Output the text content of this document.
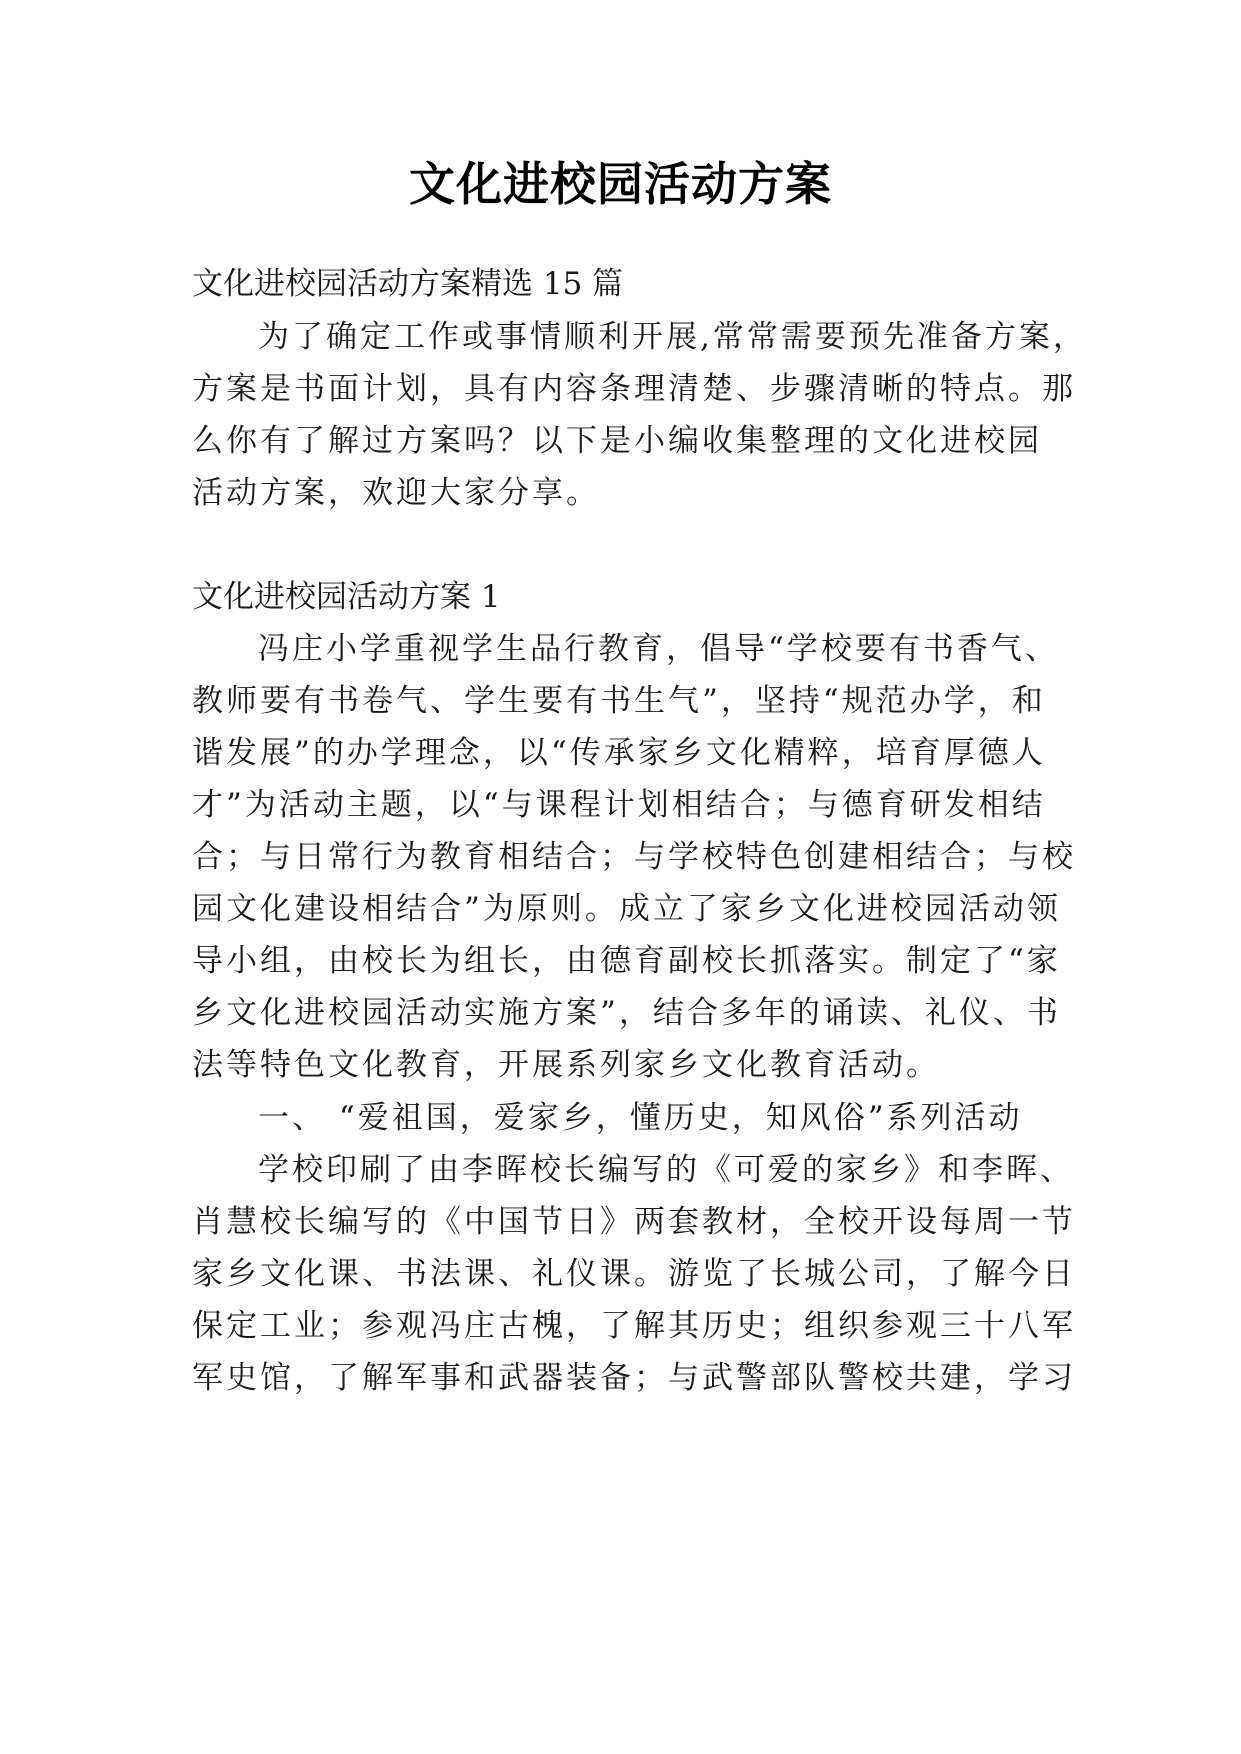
文化进校园活动方案
文化进校园活动方案精选 15 篇
为了确定工作或事情顺利开展,常常需要预先准备方案，
方案是书面计划，具有内容条理清楚、步骤清晰的特点。那
么你有了解过方案吗？以下是小编收集整理的文化进校园
活动方案，欢迎大家分享。
文化进校园活动方案 1
冯庄小学重视学生品行教育，倡导“学校要有书香气、
教师要有书卷气、学生要有书生气”，坚持“规范办学，和
谐发展”的办学理念，以“传承家乡文化精粹，培育厚德人
才”为活动主题，以“与课程计划相结合；与德育研发相结
合；与日常行为教育相结合；与学校特色创建相结合；与校
园文化建设相结合”为原则。成立了家乡文化进校园活动领
导小组，由校长为组长，由德育副校长抓落实。制定了“家
乡文化进校园活动实施方案”，结合多年的诵读、礼仪、书
法等特色文化教育，开展系列家乡文化教育活动。
一、 “爱祖国，爱家乡，懂历史，知风俗”系列活动
学校印刷了由李晖校长编写的《可爱的家乡》和李晖、
肖慧校长编写的《中国节日》两套教材，全校开设每周一节
家乡文化课、书法课、礼仪课。游览了长城公司，了解今日
保定工业；参观冯庄古槐，了解其历史；组织参观三十八军
军史馆，了解军事和武器装备；与武警部队警校共建，学习
